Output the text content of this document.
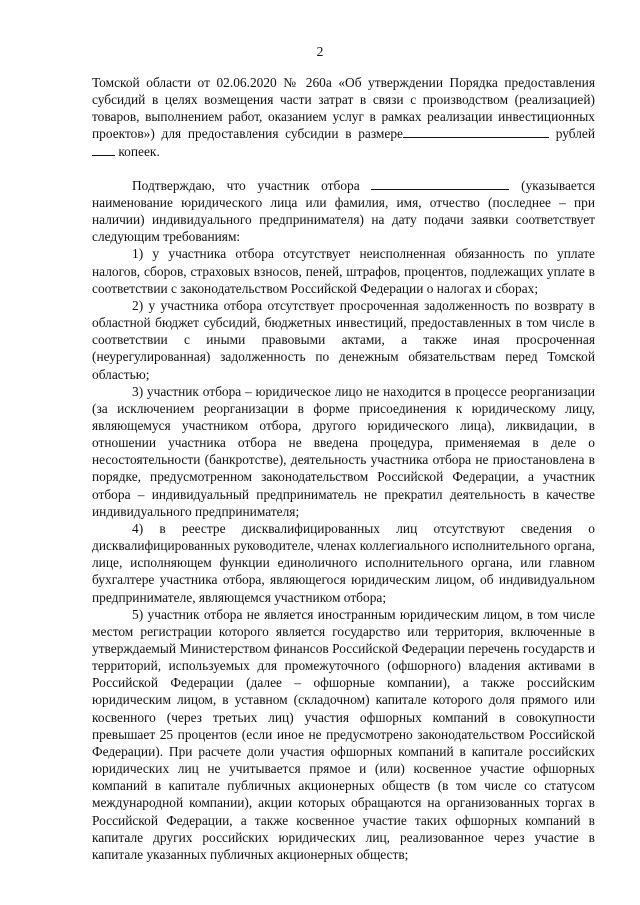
2

Томской области от 02.06.2020 № 260а «Об утверждении Порядка предоставления субсидий в целях возмещения части затрат в связи с производством (реализацией) товаров, выполнением работ, оказанием услуг в рамках реализации инвестиционных проектов») для предоставления субсидии в размере	рублей  копеек.

Подтверждаю, что участник отбора	(указывается наименование юридического лица или фамилия, имя, отчество (последнее – при наличии) индивидуального предпринимателя) на дату подачи заявки соответствует следующим требованиям:

1) у участника отбора отсутствует неисполненная обязанность по уплате налогов, сборов, страховых взносов, пеней, штрафов, процентов, подлежащих уплате в соответствии с законодательством Российской Федерации о налогах и сборах;

2) у участника отбора отсутствует просроченная задолженность по возврату в областной бюджет субсидий, бюджетных инвестиций, предоставленных в том числе в соответствии с иными правовыми актами, а также иная просроченная (неурегулированная) задолженность по денежным обязательствам перед Томской областью;

3) участник отбора – юридическое лицо не находится в процессе реорганизации (за исключением реорганизации в форме присоединения к юридическому лицу, являющемуся участником отбора, другого юридического лица), ликвидации, в отношении участника отбора не введена процедура, применяемая в деле о несостоятельности (банкротстве), деятельность участника отбора не приостановлена в порядке, предусмотренном законодательством Российской Федерации, а участник отбора – индивидуальный предприниматель не прекратил деятельность в качестве индивидуального предпринимателя;

4) в реестре дисквалифицированных лиц отсутствуют сведения о дисквалифицированных руководителе, членах коллегиального исполнительного органа, лице, исполняющем функции единоличного исполнительного органа, или главном бухгалтере участника отбора, являющегося юридическим лицом, об индивидуальном предпринимателе, являющемся участником отбора;

5) участник отбора не является иностранным юридическим лицом, в том числе местом регистрации которого является государство или территория, включенные в утверждаемый Министерством финансов Российской Федерации перечень государств и территорий, используемых для промежуточного (офшорного) владения активами в Российской Федерации (далее – офшорные компании), а также российским юридическим лицом, в уставном (складочном) капитале которого доля прямого или косвенного (через третьих лиц) участия офшорных компаний в совокупности превышает 25 процентов (если иное не предусмотрено законодательством Российской Федерации). При расчете доли участия офшорных компаний в капитале российских юридических лиц не учитывается прямое и (или) косвенное участие офшорных компаний в капитале публичных акционерных обществ (в том числе со статусом международной компании), акции которых обращаются на организованных торгах в Российской Федерации, а также косвенное участие таких офшорных компаний в капитале других российских юридических лиц, реализованное через участие в капитале указанных публичных акционерных обществ;
